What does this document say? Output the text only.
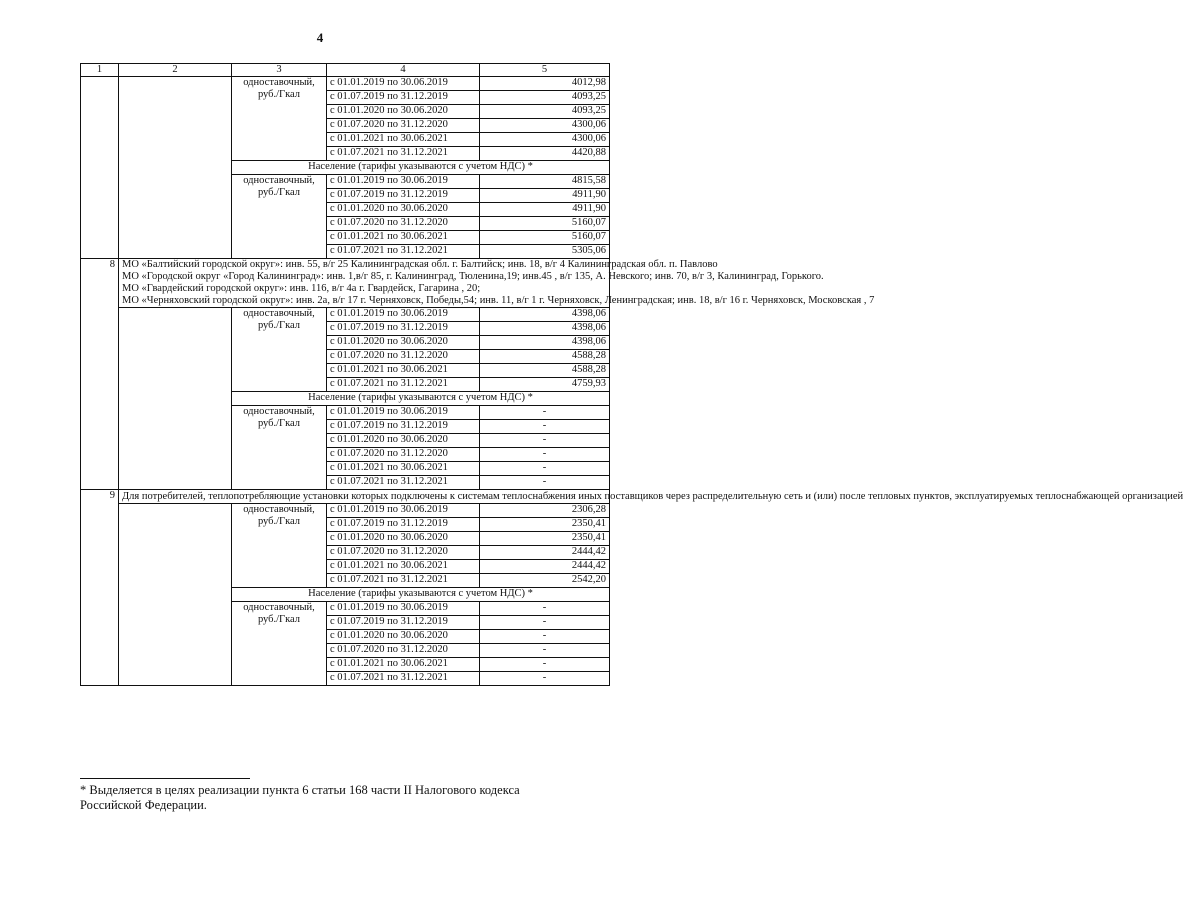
4
1	2	3	4	5
		одноставочный, руб./Гкал	с 01.01.2019 по 30.06.2019	4012,98
			с 01.07.2019 по 31.12.2019	4093,25
			с 01.01.2020 по 30.06.2020	4093,25
			с 01.07.2020 по 31.12.2020	4300,06
			с 01.01.2021 по 30.06.2021	4300,06
			с 01.07.2021 по 31.12.2021	4420,88
		Население (тарифы указываются с учетом НДС) *		
		одноставочный, руб./Гкал	с 01.01.2019 по 30.06.2019	4815,58
			с 01.07.2019 по 31.12.2019	4911,90
			с 01.01.2020 по 30.06.2020	4911,90
			с 01.07.2020 по 31.12.2020	5160,07
			с 01.01.2021 по 30.06.2021	5160,07
			с 01.07.2021 по 31.12.2021	5305,06
8	МО «Балтийский городской округ»: инв. 55, в/г 25 Калининградская обл. г. Балтийск; инв. 18, в/г 4 Калининградская обл. п. Павлово
МО «Городской округ «Город Калининград»: инв. 1,в/г 85, г. Калининград, Тюленина,19; инв.45 , в/г 135, А. Невского; инв. 70, в/г 3, Калининград, Горького.
МО «Гвардейский городской округ»: инв. 116, в/г 4а г. Гвардейск, Гагарина , 20;
МО «Черняховский городской округ»: инв. 2а, в/г 17 г. Черняховск, Победы,54; инв. 11, в/г 1 г. Черняховск, Ленинградская; инв. 18, в/г 16 г. Черняховск, Московская , 7			

		одноставочный, руб./Гкал	с 01.01.2019 по 30.06.2019	4398,06
			с 01.07.2019 по 31.12.2019	4398,06
			с 01.01.2020 по 30.06.2020	4398,06
			с 01.07.2020 по 31.12.2020	4588,28
			с 01.01.2021 по 30.06.2021	4588,28
			с 01.07.2021 по 31.12.2021	4759,93
		Население (тарифы указываются с учетом НДС) *		
		одноставочный, руб./Гкал	с 01.01.2019 по 30.06.2019	-
			с 01.07.2019 по 31.12.2019	-
			с 01.01.2020 по 30.06.2020	-
			с 01.07.2020 по 31.12.2020	-
			с 01.01.2021 по 30.06.2021	-
			с 01.07.2021 по 31.12.2021	-
9	Для потребителей, теплопотребляющие установки которых подключены к системам теплоснабжения иных поставщиков через распределительную сеть и (или) после тепловых пунктов, эксплуатируемых теплоснабжающей организацией			

		одноставочный, руб./Гкал	с 01.01.2019 по 30.06.2019	2306,28
			с 01.07.2019 по 31.12.2019	2350,41
			с 01.01.2020 по 30.06.2020	2350,41
			с 01.07.2020 по 31.12.2020	2444,42
			с 01.01.2021 по 30.06.2021	2444,42
			с 01.07.2021 по 31.12.2021	2542,20
		Население (тарифы указываются с учетом НДС) *		
		одноставочный, руб./Гкал	с 01.01.2019 по 30.06.2019	-
			с 01.07.2019 по 31.12.2019	-
			с 01.01.2020 по 30.06.2020	-
			с 01.07.2020 по 31.12.2020	-
			с 01.01.2021 по 30.06.2021	-
			с 01.07.2021 по 31.12.2021	-
* Выделяется в целях реализации пункта 6 статьи 168 части II Налогового кодекса Российской Федерации.
